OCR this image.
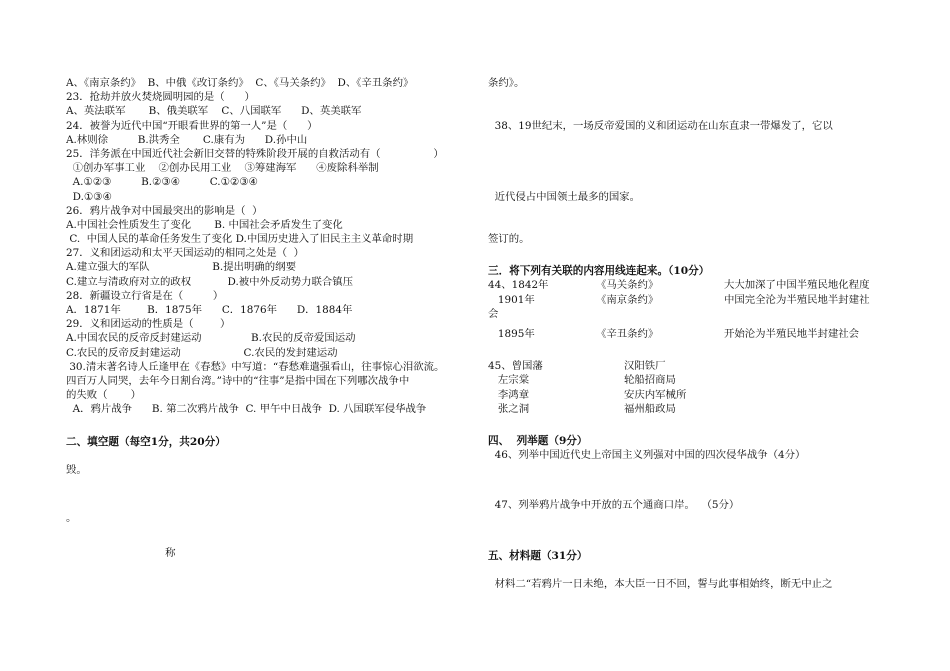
A、《南京条约》  B、中俄《改订条约》  C、《马关条约》  D、《辛丑条约》
23．抢劫并放火焚烧圆明园的是（      ）
A、英法联军       B、俄美联军    C、八国联军      D、英美联军
24．被誉为近代中国“开眼看世界的第一人”是（      ）
A.林则徐         B.洪秀全       C.康有为      D.孙中山
25．洋务派在中国近代社会新旧交替的特殊阶段开展的自救活动有（                ）
①创办军事工业    ②创办民用工业    ③筹建海军      ④废除科举制
A.①②③         B.②③④         C.①②③④
D.①③④
26．鸦片战争对中国最突出的影响是（  ）
A.中国社会性质发生了变化       B. 中国社会矛盾发生了变化
C.  中国人民的革命任务发生了变化 D.中国历史进入了旧民主主义革命时期
27．义和团运动和太平天国运动的相同之处是（  ）
A.建立强大的军队                   B.提出明确的纲要
C.建立与清政府对立的政权           D.被中外反动势力联合镇压
28．新疆设立行省是在（         ）
A．1871年        B．1875年      C．1876年      D．1884年
29．义和团运动的性质是（        ）
A.中国农民的反帝反封建运动               B.农民的反帝爱国运动
C.农民的反帝反封建运动                   C.农民的发封建运动
30.清末著名诗人丘逢甲在《春愁》中写道：“春愁难遣强看山，往事惊心泪欲流。
四百万人同哭，去年今日割台湾。”诗中的“往事”是指中国在下列哪次战争中
的失败（       ）
A．鸦片战争      B. 第二次鸦片战争  C. 甲午中日战争  D. 八国联军侵华战争
二、填空题（每空1分，共20分）

毁。

。

称

条约》。

38、19世纪末，一场反帝爱国的义和团运动在山东直隶一带爆发了，它以

近代侵占中国领土最多的国家。

签订的。
三．将下列有关联的内容用线连起来。（10分）
44、1842年	《马关条约》	大大加深了中国半殖民地化程度
1901年	《南京条约》	中国完全沦为半殖民地半封建社
会
1895年	《辛丑条约》	开始沦为半殖民地半封建社会
45、曾国藩	汉阳铁厂
左宗棠	轮船招商局
李鸿章	安庆内军械所
张之洞	福州船政局
四、  列举题（9分）
46、列举中国近代史上帝国主义列强对中国的四次侵华战争（4分）
47、列举鸦片战争中开放的五个通商口岸。  （5分）
五、材料题（31分）

材料二“若鸦片一日未绝，本大臣一日不回，誓与此事相始终，断无中止之
